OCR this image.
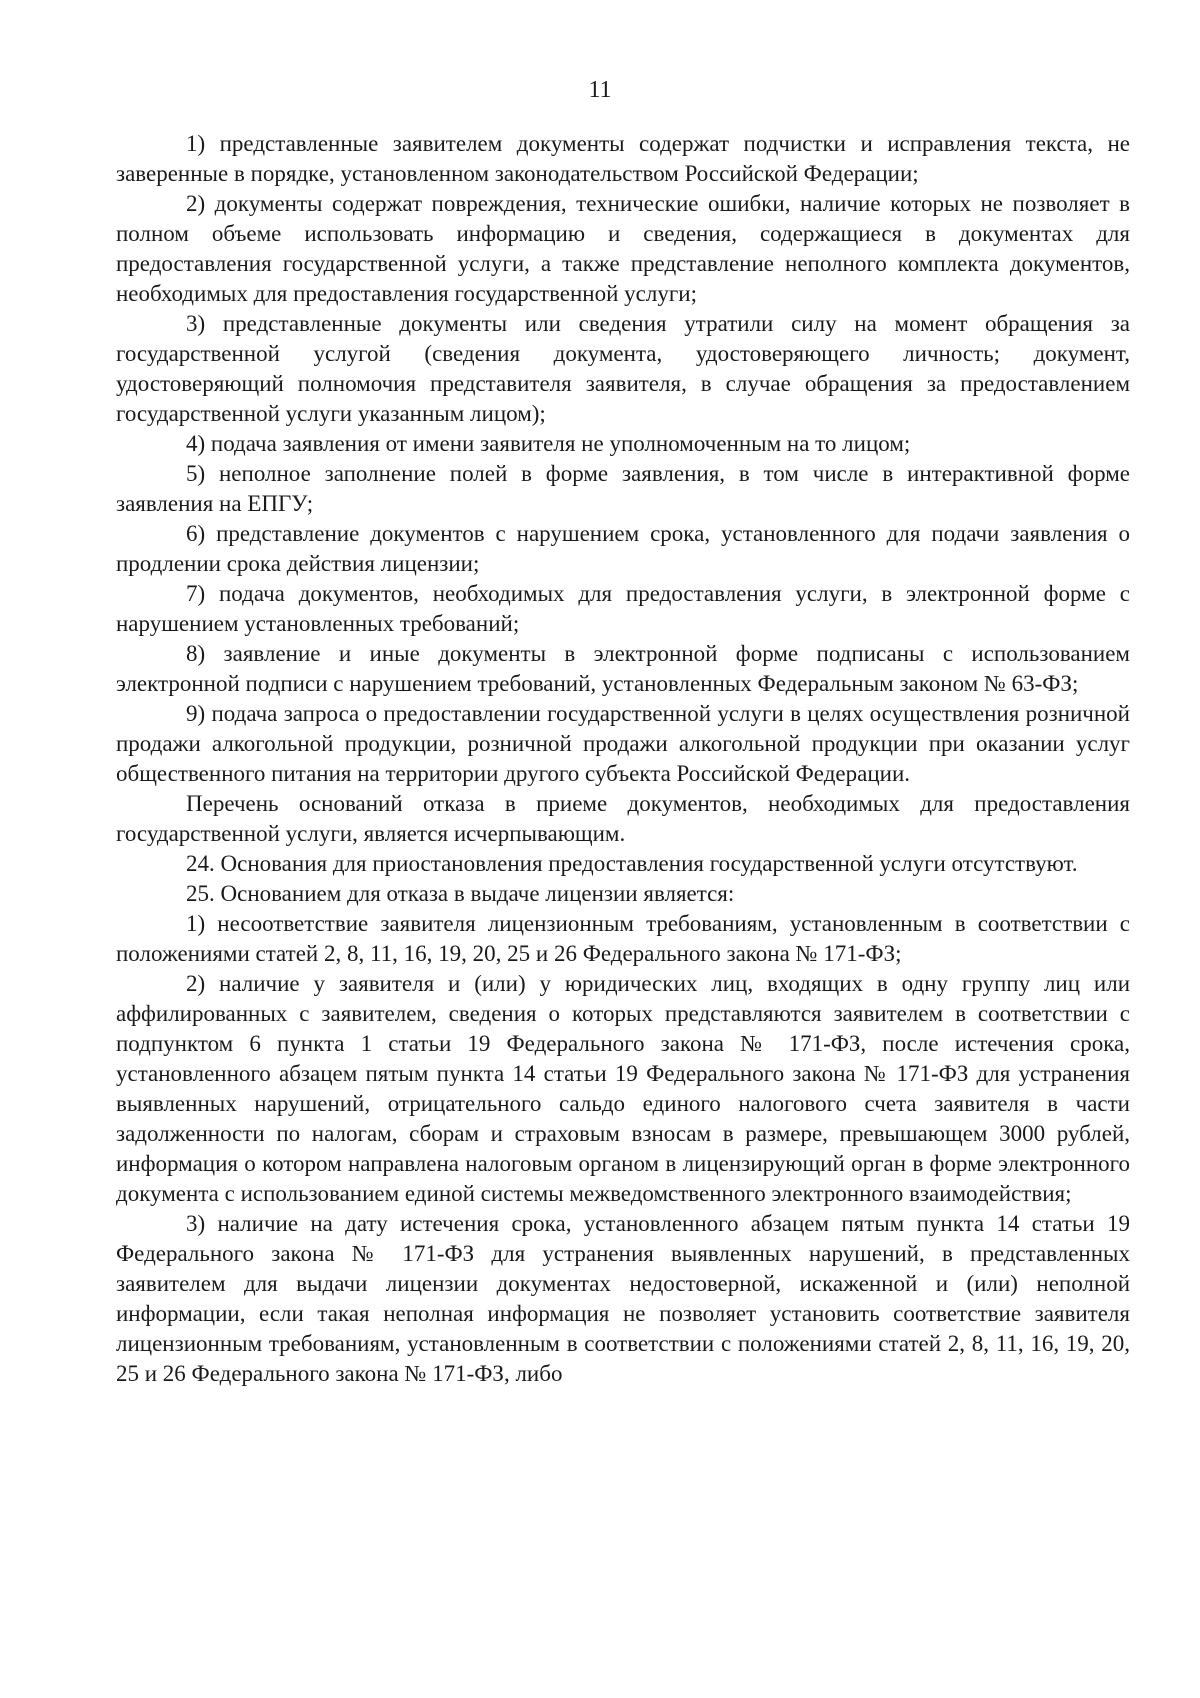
11

1) представленные заявителем документы содержат подчистки и исправления текста, не заверенные в порядке, установленном законодательством Российской Федерации;

2) документы содержат повреждения, технические ошибки, наличие которых не позволяет в полном объеме использовать информацию и сведения, содержащиеся в документах для предоставления государственной услуги, а также представление неполного комплекта документов, необходимых для предоставления государственной услуги;

3) представленные документы или сведения утратили силу на момент обращения за государственной услугой (сведения документа, удостоверяющего личность; документ, удостоверяющий полномочия представителя заявителя, в случае обращения за предоставлением государственной услуги указанным лицом);

4) подача заявления от имени заявителя не уполномоченным на то лицом;

5) неполное заполнение полей в форме заявления, в том числе в интерактивной форме заявления на ЕПГУ;

6) представление документов с нарушением срока, установленного для подачи заявления о продлении срока действия лицензии;

7) подача документов, необходимых для предоставления услуги, в электронной форме с нарушением установленных требований;

8) заявление и иные документы в электронной форме подписаны с использованием электронной подписи с нарушением требований, установленных Федеральным законом № 63-ФЗ;

9) подача запроса о предоставлении государственной услуги в целях осуществления розничной продажи алкогольной продукции, розничной продажи алкогольной продукции при оказании услуг общественного питания на территории другого субъекта Российской Федерации.

Перечень оснований отказа в приеме документов, необходимых для предоставления государственной услуги, является исчерпывающим.

24. Основания для приостановления предоставления государственной услуги отсутствуют.

25. Основанием для отказа в выдаче лицензии является:

1) несоответствие заявителя лицензионным требованиям, установленным в соответствии с положениями статей 2, 8, 11, 16, 19, 20, 25 и 26 Федерального закона № 171-ФЗ;

2) наличие у заявителя и (или) у юридических лиц, входящих в одну группу лиц или аффилированных с заявителем, сведения о которых представляются заявителем в соответствии с подпунктом 6 пункта 1 статьи 19 Федерального закона № 171-ФЗ, после истечения срока, установленного абзацем пятым пункта 14 статьи 19 Федерального закона № 171-ФЗ для устранения выявленных нарушений, отрицательного сальдо единого налогового счета заявителя в части задолженности по налогам, сборам и страховым взносам в размере, превышающем 3000 рублей, информация о котором направлена налоговым органом в лицензирующий орган в форме электронного документа с использованием единой системы межведомственного электронного взаимодействия;

3) наличие на дату истечения срока, установленного абзацем пятым пункта 14 статьи 19 Федерального закона № 171-ФЗ для устранения выявленных нарушений, в представленных заявителем для выдачи лицензии документах недостоверной, искаженной и (или) неполной информации, если такая неполная информация не позволяет установить соответствие заявителя лицензионным требованиям, установленным в соответствии с положениями статей 2, 8, 11, 16, 19, 20, 25 и 26 Федерального закона № 171-ФЗ, либо
